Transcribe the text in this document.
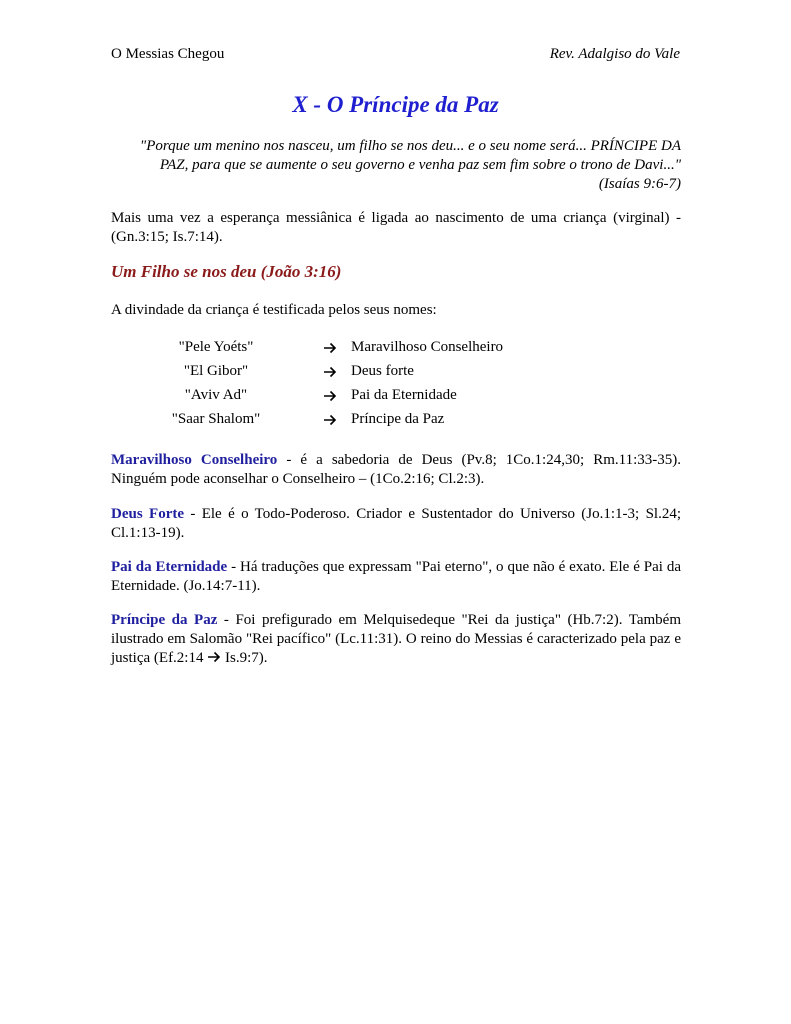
O Messias Chegou	Rev. Adalgiso do Vale
X - O Príncipe da Paz
"Porque um menino nos nasceu, um filho se nos deu... e o seu nome será... PRÍNCIPE DA
PAZ, para que se aumente o seu governo e venha paz sem fim sobre o trono de Davi..."
(Isaías 9:6-7)
Mais uma vez a esperança messiânica é ligada ao nascimento de uma criança (virginal) - (Gn.3:15; Is.7:14).
Um Filho se nos deu (João 3:16)
A divindade da criança é testificada pelos seus nomes:
"Pele Yoéts"	Maravilhoso Conselheiro
"El Gibor"	Deus forte
"Aviv Ad"	Pai da Eternidade
"Saar Shalom"	Príncipe da Paz
Maravilhoso Conselheiro - é a sabedoria de Deus (Pv.8; 1Co.1:24,30; Rm.11:33-35). Ninguém pode aconselhar o Conselheiro – (1Co.2:16; Cl.2:3).
Deus Forte - Ele é o Todo-Poderoso. Criador e Sustentador do Universo (Jo.1:1-3; Sl.24; Cl.1:13-19).
Pai da Eternidade - Há traduções que expressam "Pai eterno", o que não é exato. Ele é Pai da Eternidade. (Jo.14:7-11).
Príncipe da Paz - Foi prefigurado em Melquisedeque "Rei da justiça" (Hb.7:2). Também ilustrado em Salomão "Rei pacífico" (Lc.11:31). O reino do Messias é caracterizado pela paz e justiça (Ef.2:14  Is.9:7).
